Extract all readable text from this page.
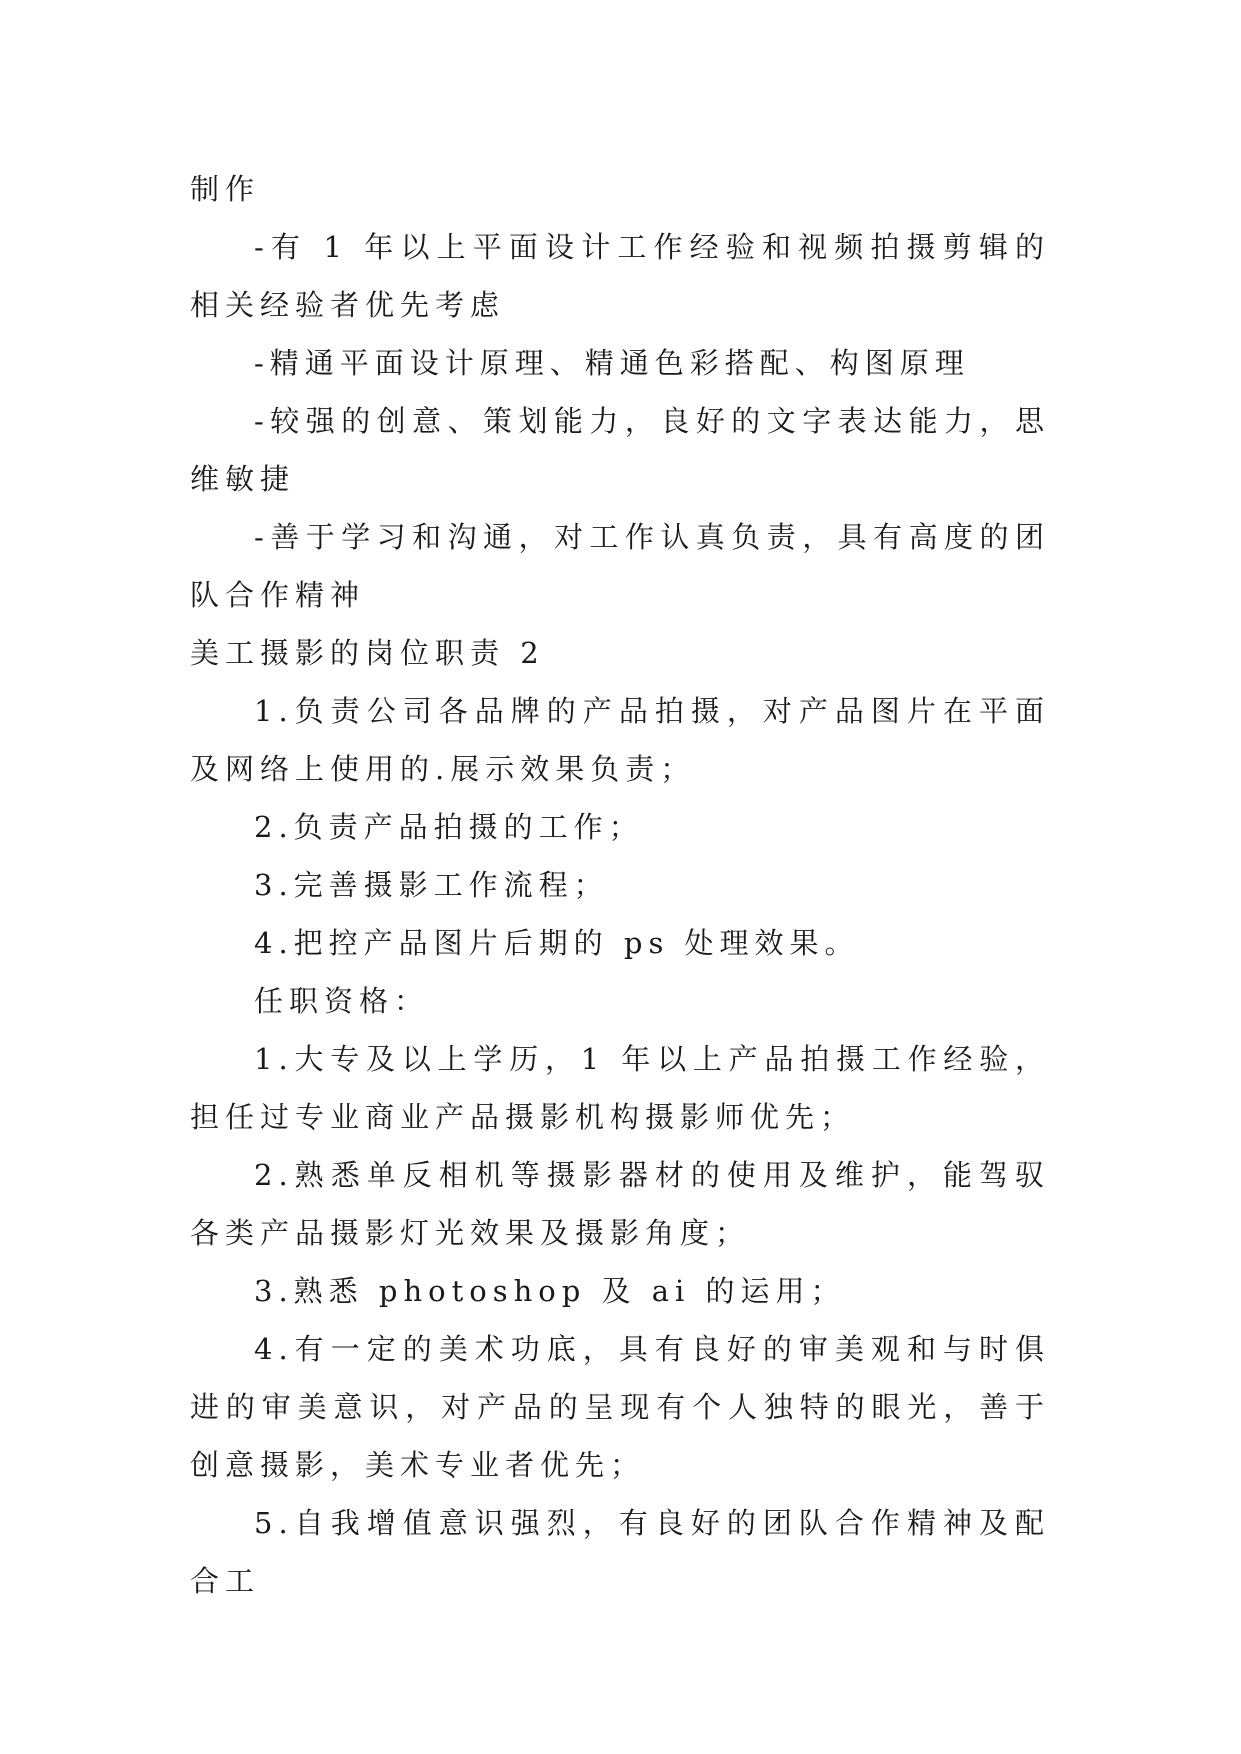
制作

-有 1 年以上平面设计工作经验和视频拍摄剪辑的相关经验者优先考虑

-精通平面设计原理、精通色彩搭配、构图原理

-较强的创意、策划能力，良好的文字表达能力，思维敏捷

-善于学习和沟通，对工作认真负责，具有高度的团队合作精神

美工摄影的岗位职责 2

1.负责公司各品牌的产品拍摄，对产品图片在平面及网络上使用的.展示效果负责；

2.负责产品拍摄的工作；

3.完善摄影工作流程；

4.把控产品图片后期的 ps 处理效果。

任职资格：

1.大专及以上学历，1 年以上产品拍摄工作经验，担任过专业商业产品摄影机构摄影师优先；

2.熟悉单反相机等摄影器材的使用及维护，能驾驭各类产品摄影灯光效果及摄影角度；

3.熟悉 photoshop 及 ai 的运用；

4.有一定的美术功底，具有良好的审美观和与时俱进的审美意识，对产品的呈现有个人独特的眼光，善于创意摄影，美术专业者优先；

5.自我增值意识强烈，有良好的团队合作精神及配合工
